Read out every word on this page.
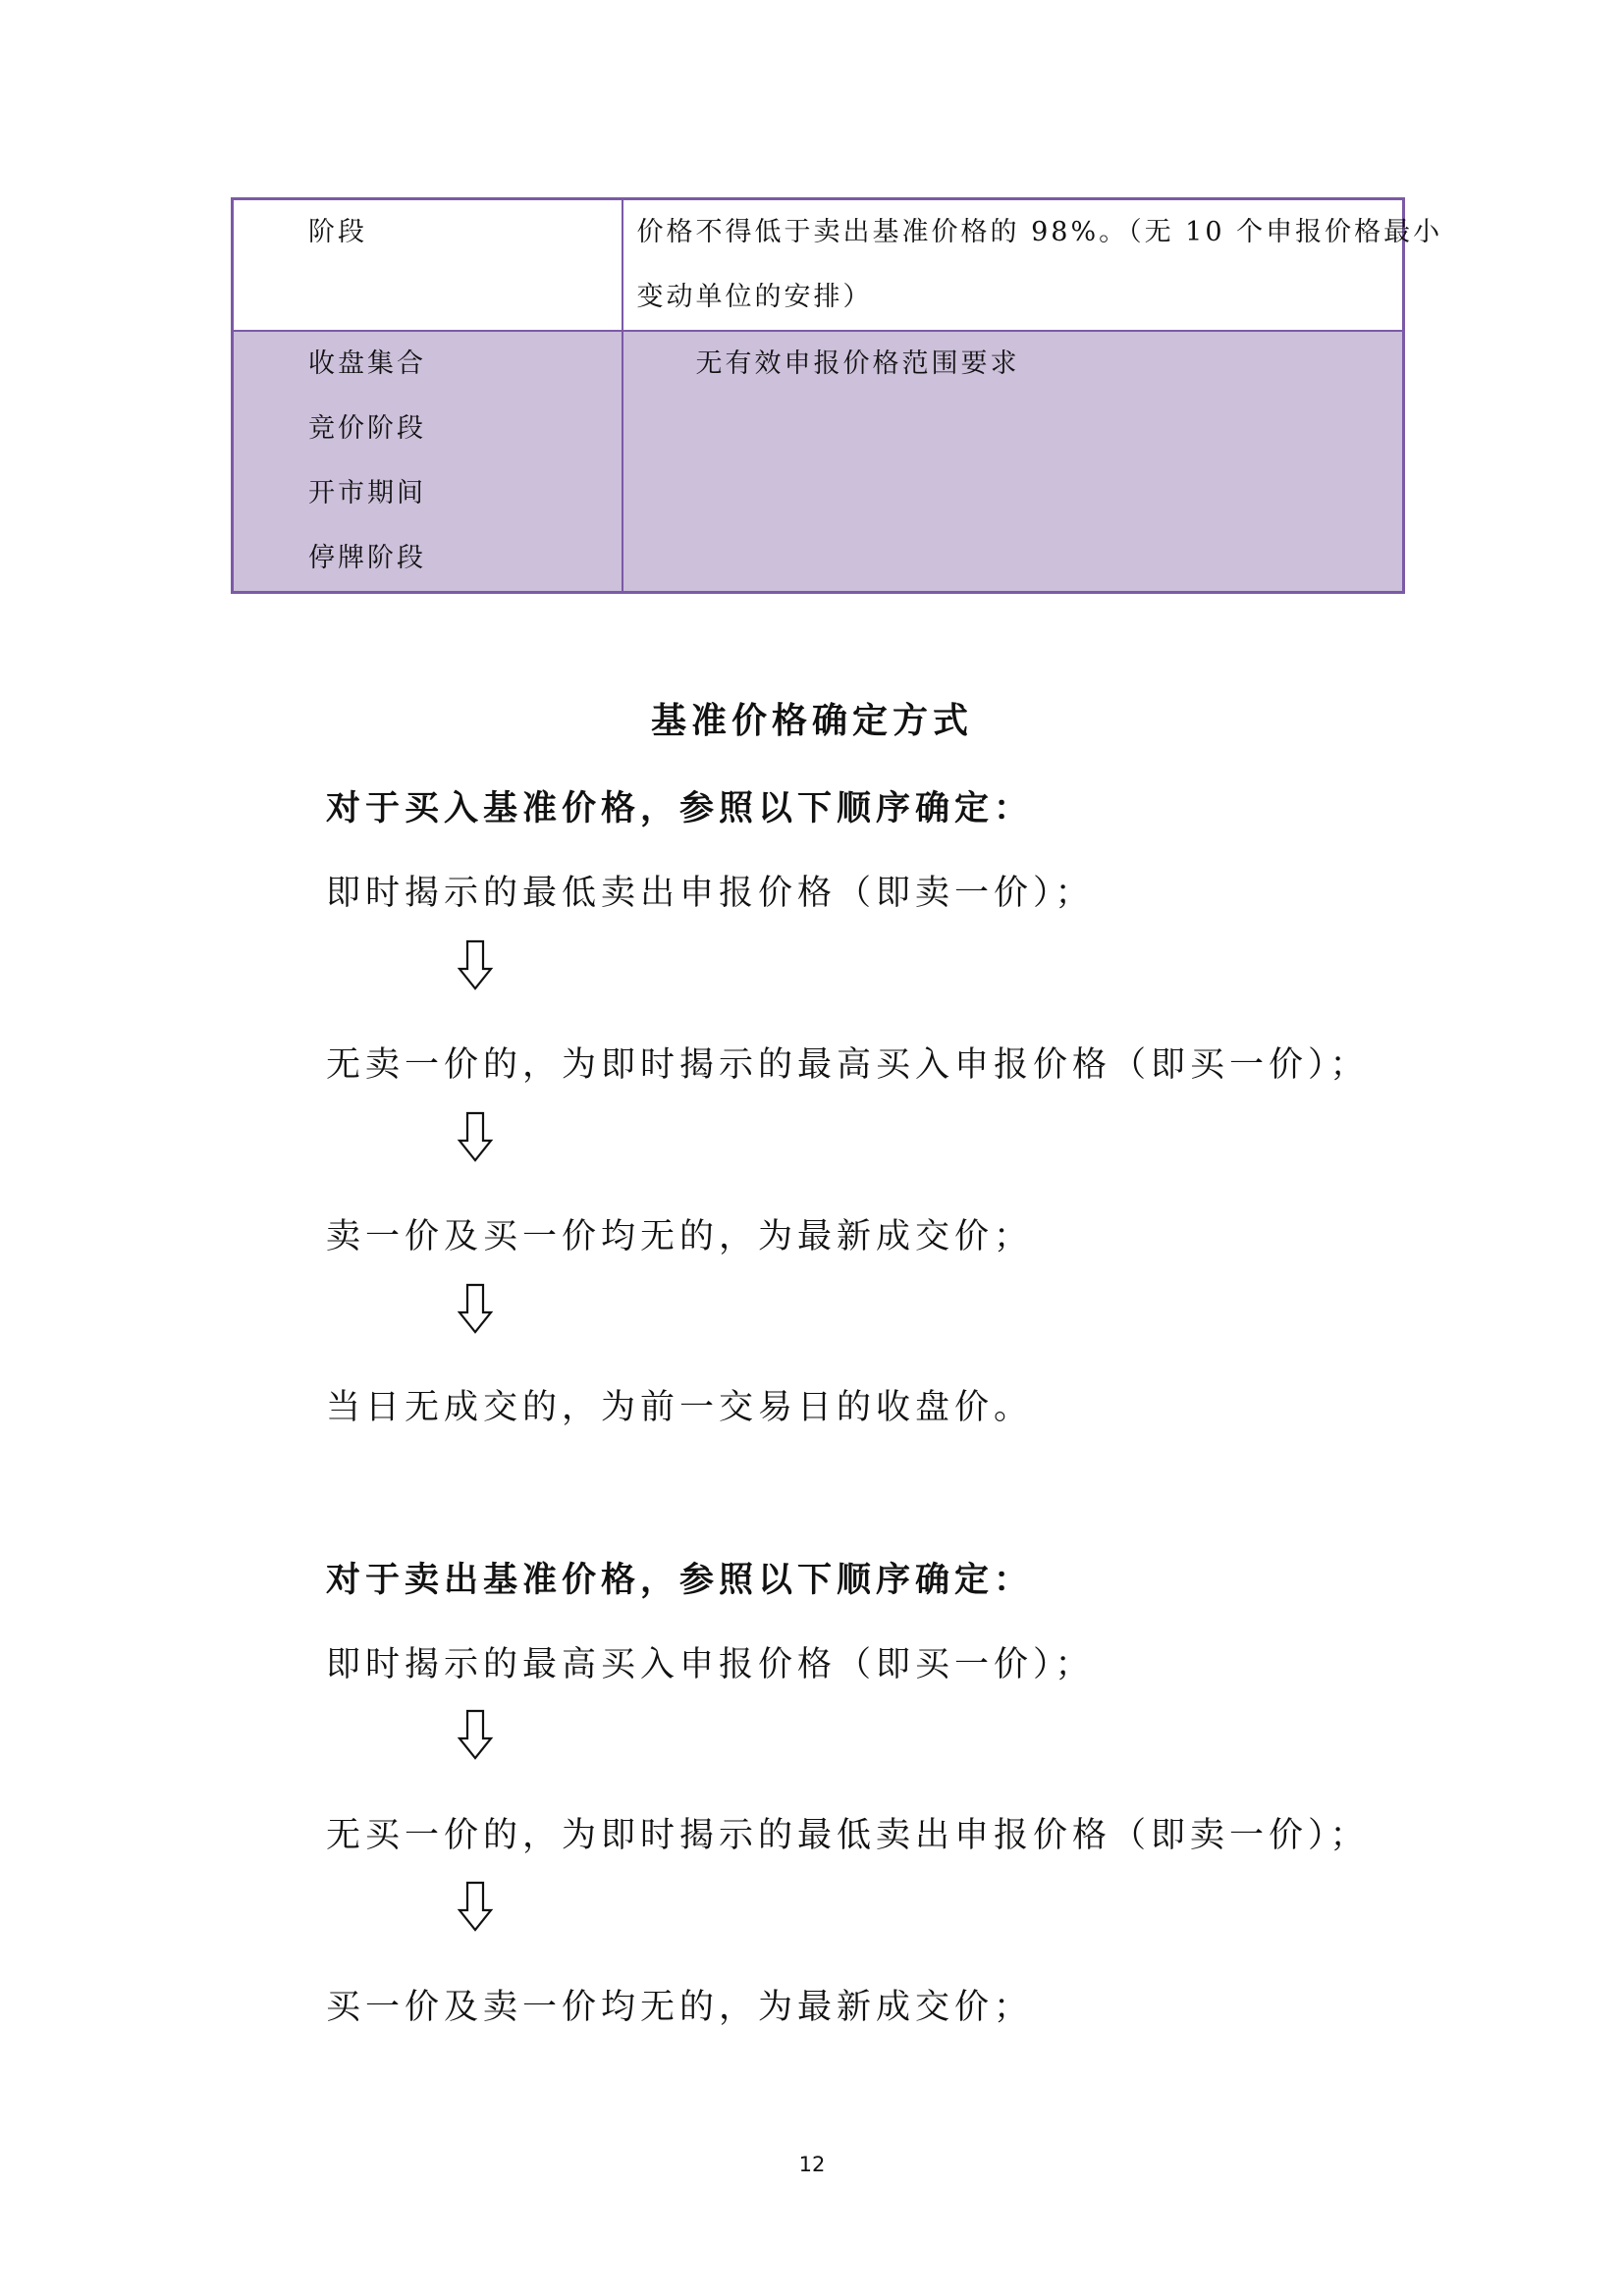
阶段	价格不得低于卖出基准价格的 98%。（无 10 个申报价格最小
变动单位的安排）

收盘集合
竞价阶段
开市期间
停牌阶段	无有效申报价格范围要求
基准价格确定方式

对于买入基准价格，参照以下顺序确定：

即时揭示的最低卖出申报价格（即卖一价）；

无卖一价的，为即时揭示的最高买入申报价格（即买一价）；

卖一价及买一价均无的，为最新成交价；

当日无成交的，为前一交易日的收盘价。

对于卖出基准价格，参照以下顺序确定：

即时揭示的最高买入申报价格（即买一价）；

无买一价的，为即时揭示的最低卖出申报价格（即卖一价）；

买一价及卖一价均无的，为最新成交价；

12
